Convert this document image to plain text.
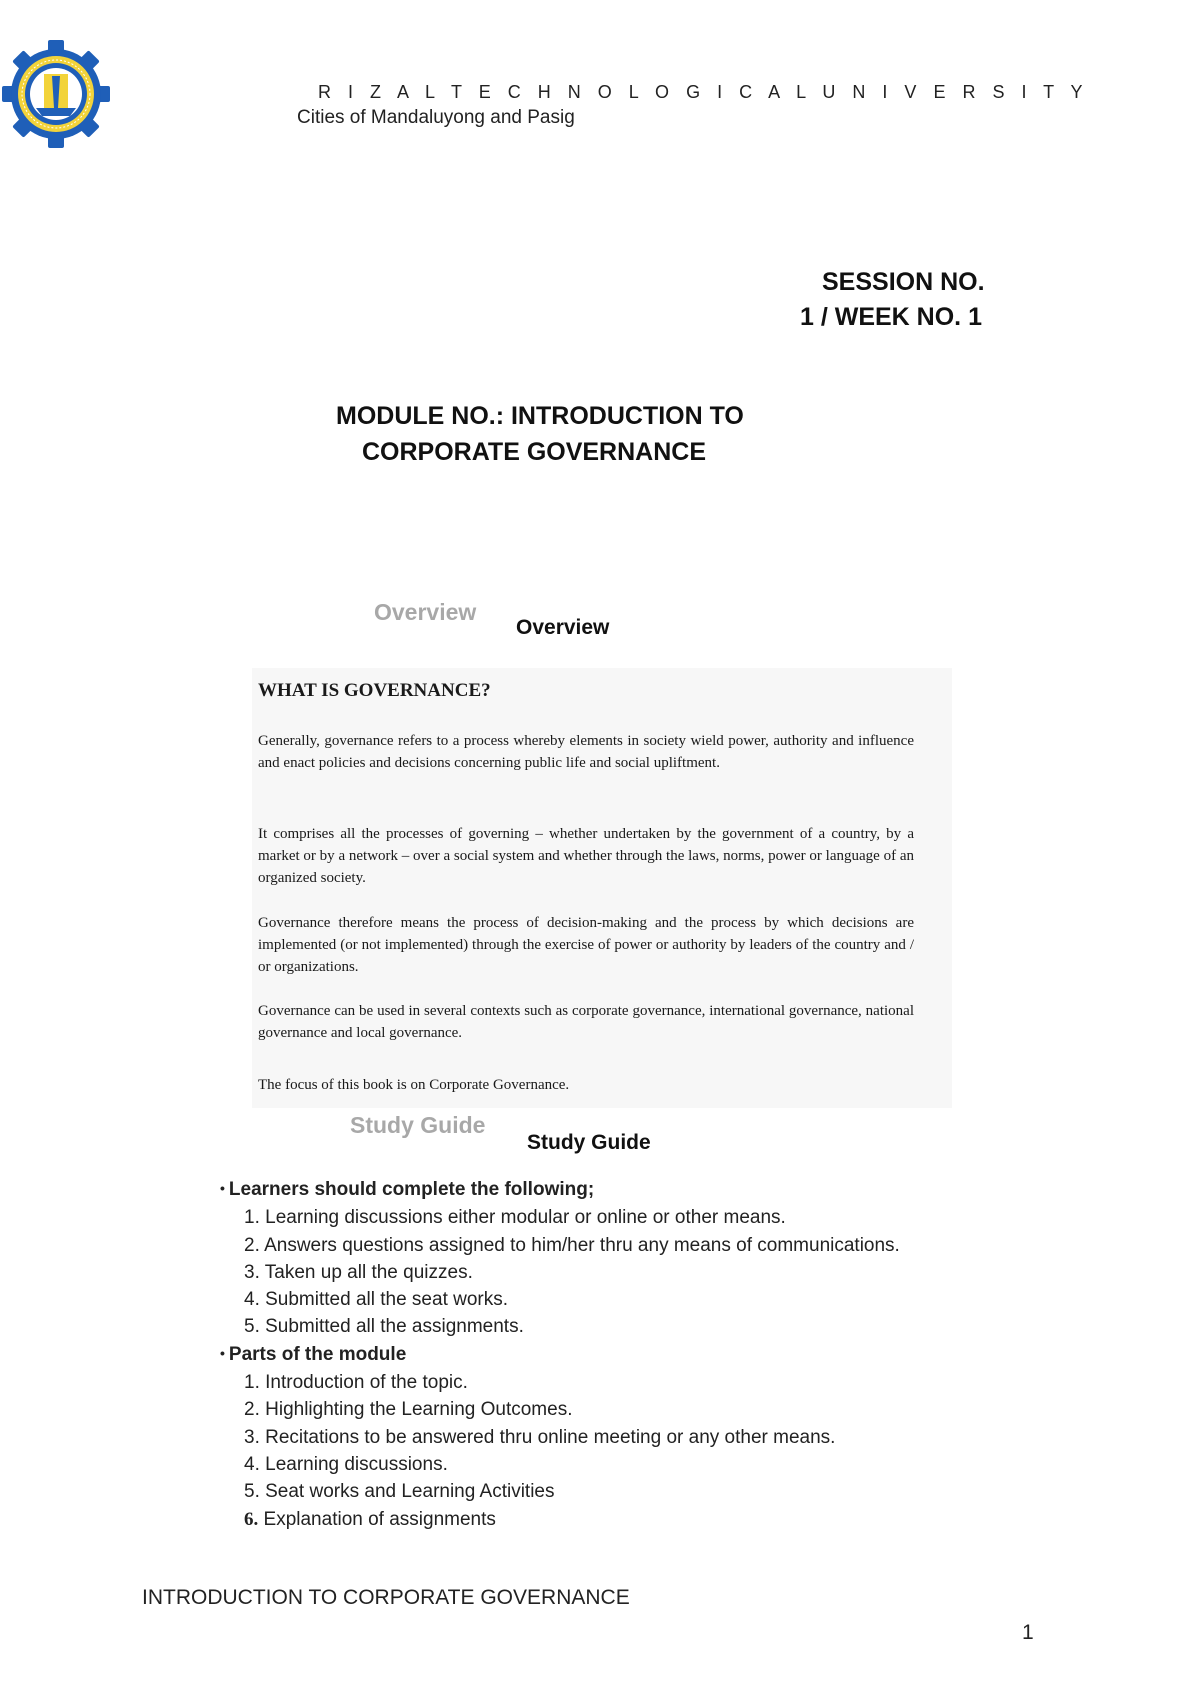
R I Z A L T E C H N O L O G I C A L U N I V E R S I T Y
Cities of Mandaluyong and Pasig
SESSION NO.
1 / WEEK NO. 1
MODULE NO.: INTRODUCTION TO
CORPORATE GOVERNANCE
Overview
Overview
WHAT IS GOVERNANCE?
Generally, governance refers to a process whereby elements in society wield power, authority and influence and enact policies and decisions concerning public life and social upliftment.
It comprises all the processes of governing – whether undertaken by the government of a country, by a market or by a network – over a social system and whether through the laws, norms, power or language of an organized society.
Governance therefore means the process of decision-making and the process by which decisions are implemented (or not implemented) through the exercise of power or authority by leaders of the country and / or organizations.
Governance can be used in several contexts such as corporate governance, international governance, national governance and local governance.
The focus of this book is on Corporate Governance.
Study Guide
Study Guide
• Learners should complete the following;
1. Learning discussions either modular or online or other means.
2. Answers questions assigned to him/her thru any means of communications.
3. Taken up all the quizzes.
4. Submitted all the seat works.
5. Submitted all the assignments.
• Parts of the module
1. Introduction of the topic.
2. Highlighting the Learning Outcomes.
3. Recitations to be answered thru online meeting or any other means.
4. Learning discussions.
5. Seat works and Learning Activities
6. Explanation of assignments
INTRODUCTION TO CORPORATE GOVERNANCE
1
